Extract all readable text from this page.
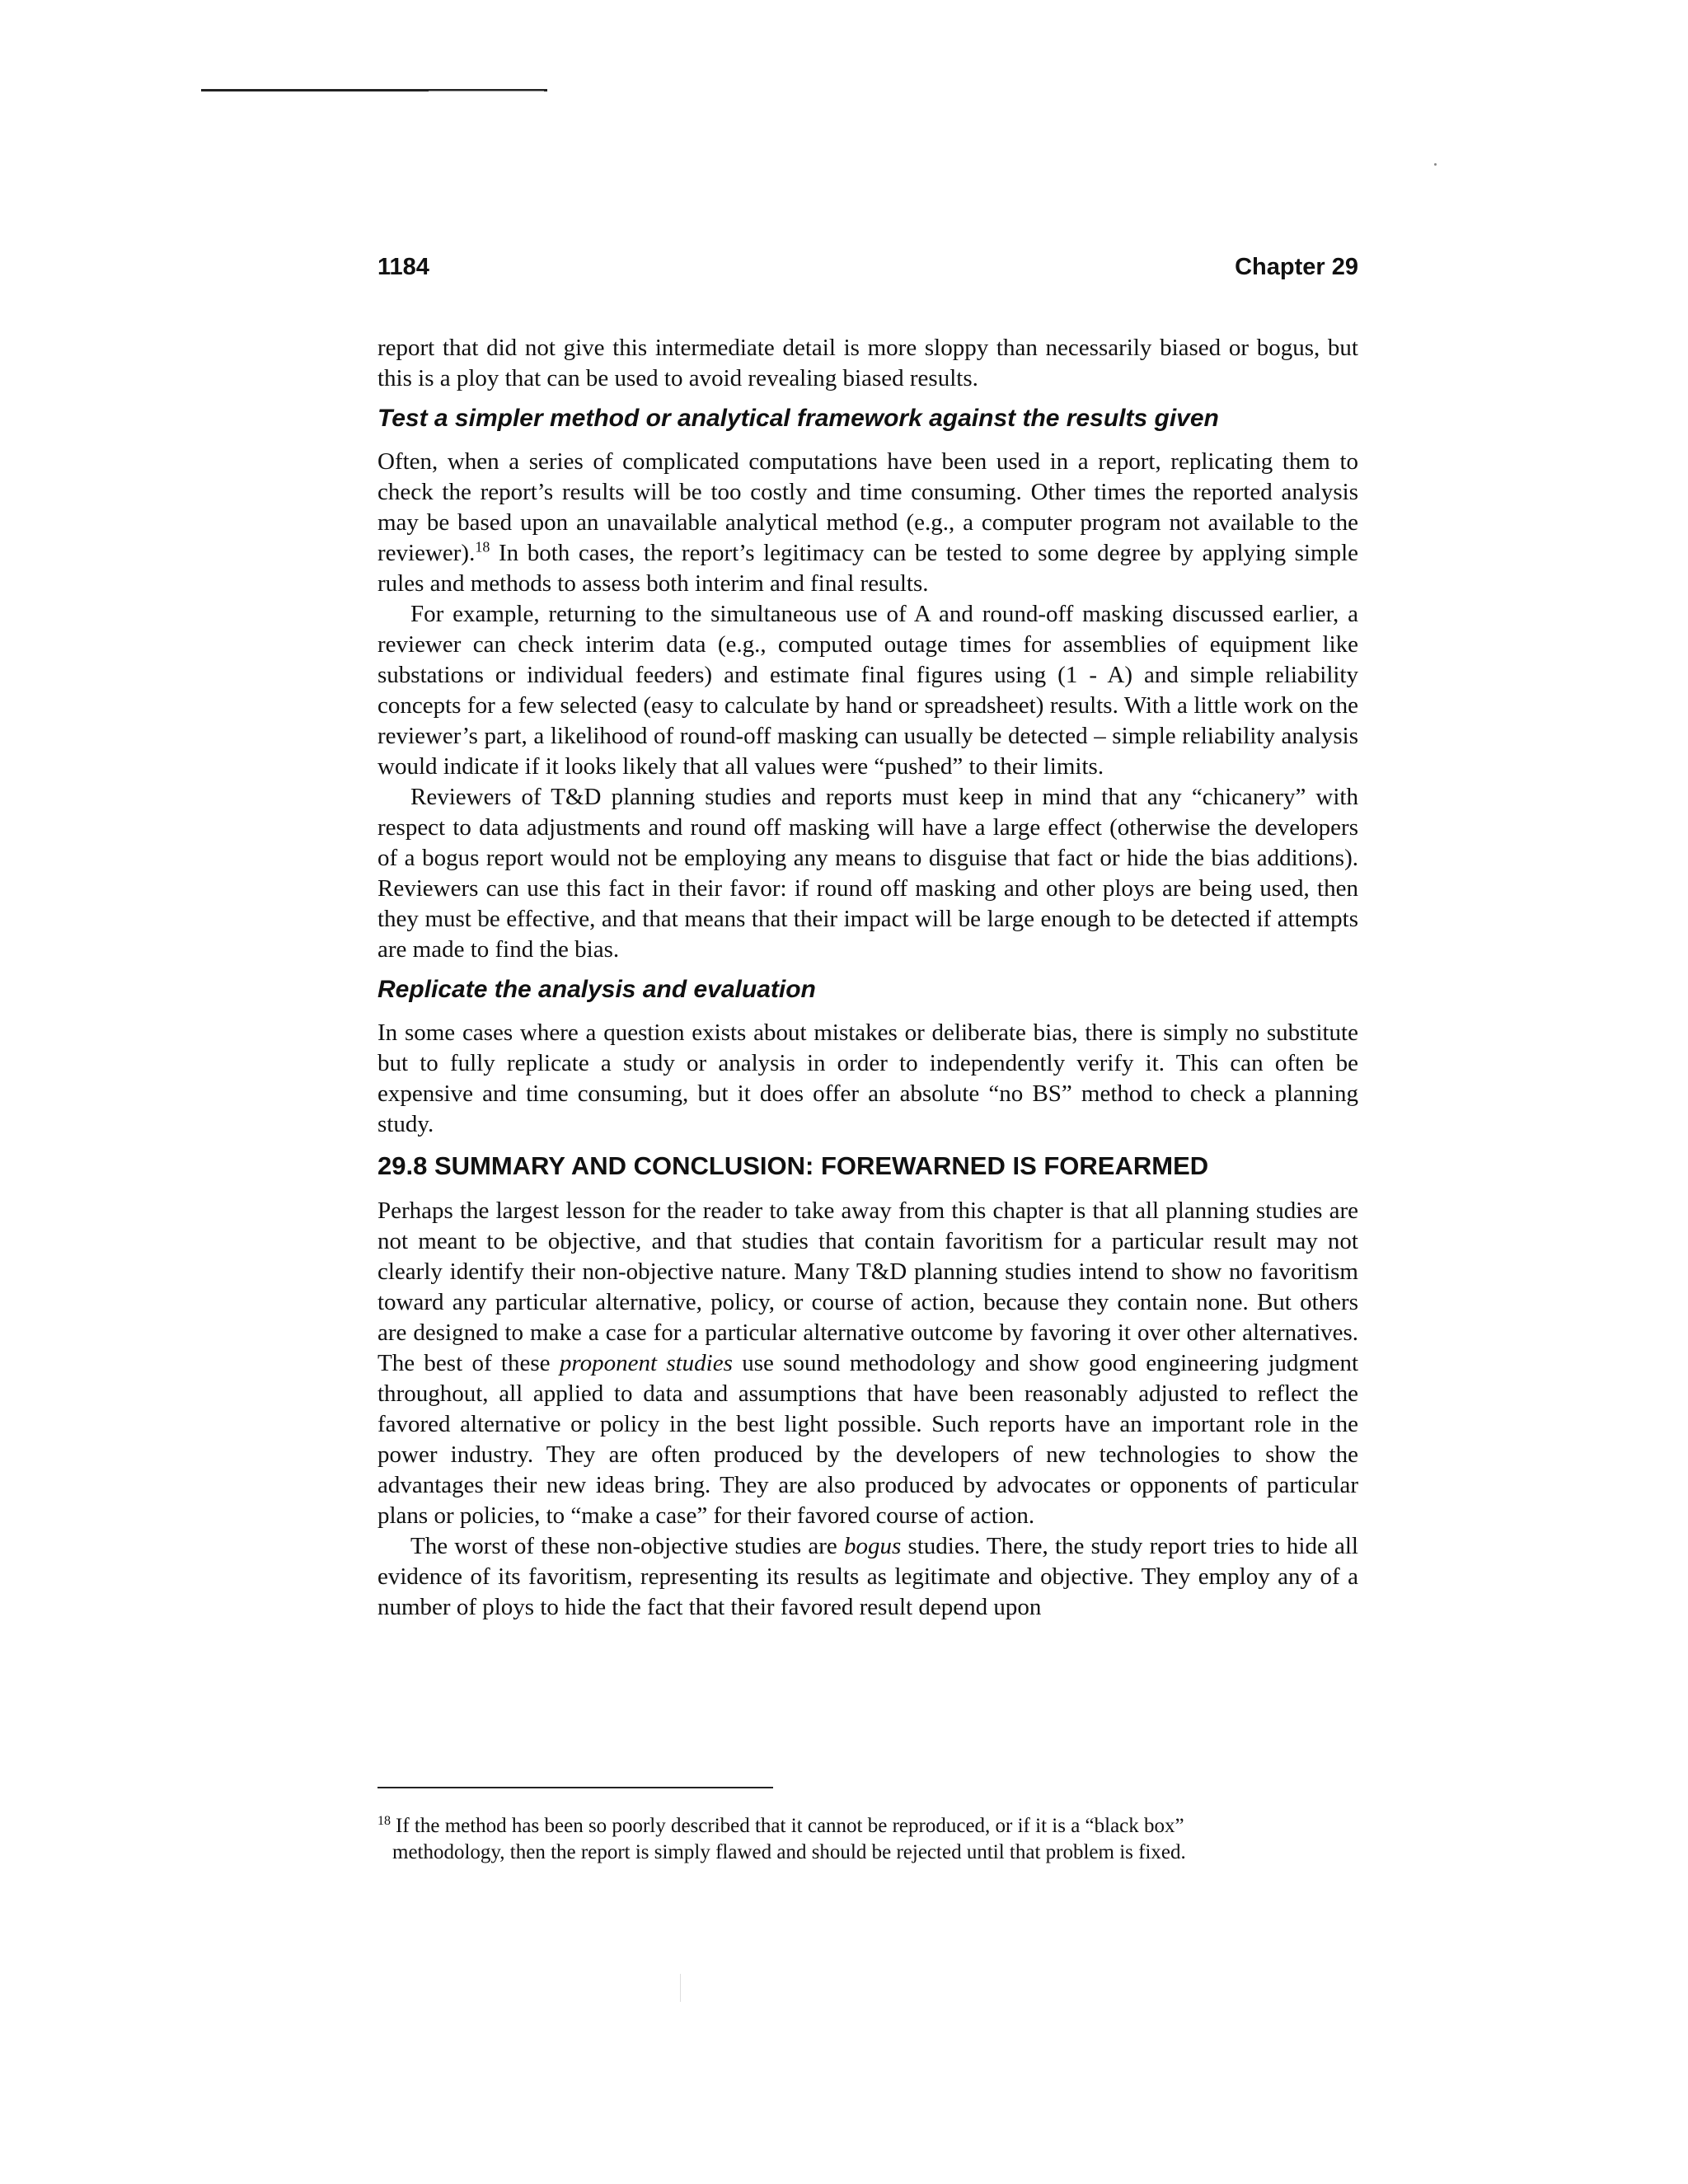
1184	Chapter 29

report that did not give this intermediate detail is more sloppy than necessarily biased or bogus, but this is a ploy that can be used to avoid revealing biased results.

Test a simpler method or analytical framework against the results given

Often, when a series of complicated computations have been used in a report, replicating them to check the report’s results will be too costly and time consuming. Other times the reported analysis may be based upon an unavailable analytical method (e.g., a computer program not available to the reviewer).$^{18}$ In both cases, the report’s legitimacy can be tested to some degree by applying simple rules and methods to assess both interim and final results.

For example, returning to the simultaneous use of A and round-off masking discussed earlier, a reviewer can check interim data (e.g., computed outage times for assemblies of equipment like substations or individual feeders) and estimate final figures using (1 - A) and simple reliability concepts for a few selected (easy to calculate by hand or spreadsheet) results. With a little work on the reviewer’s part, a likelihood of round-off masking can usually be detected – simple reliability analysis would indicate if it looks likely that all values were “pushed” to their limits.

Reviewers of T&D planning studies and reports must keep in mind that any “chicanery” with respect to data adjustments and round off masking will have a large effect (otherwise the developers of a bogus report would not be employing any means to disguise that fact or hide the bias additions). Reviewers can use this fact in their favor: if round off masking and other ploys are being used, then they must be effective, and that means that their impact will be large enough to be detected if attempts are made to find the bias.

Replicate the analysis and evaluation

In some cases where a question exists about mistakes or deliberate bias, there is simply no substitute but to fully replicate a study or analysis in order to independently verify it. This can often be expensive and time consuming, but it does offer an absolute “no BS” method to check a planning study.

29.8 SUMMARY AND CONCLUSION: FOREWARNED IS FOREARMED

Perhaps the largest lesson for the reader to take away from this chapter is that all planning studies are not meant to be objective, and that studies that contain favoritism for a particular result may not clearly identify their non-objective nature. Many T&D planning studies intend to show no favoritism toward any particular alternative, policy, or course of action, because they contain none. But others are designed to make a case for a particular alternative outcome by favoring it over other alternatives. The best of these proponent studies use sound methodology and show good engineering judgment throughout, all applied to data and assumptions that have been reasonably adjusted to reflect the favored alternative or policy in the best light possible. Such reports have an important role in the power industry. They are often produced by the developers of new technologies to show the advantages their new ideas bring. They are also produced by advocates or opponents of particular plans or policies, to “make a case” for their favored course of action.

The worst of these non-objective studies are bogus studies. There, the study report tries to hide all evidence of its favoritism, representing its results as legitimate and objective. They employ any of a number of ploys to hide the fact that their favored result depend upon

$^{18}$ If the method has been so poorly described that it cannot be reproduced, or if it is a “black box”
methodology, then the report is simply flawed and should be rejected until that problem is fixed.
